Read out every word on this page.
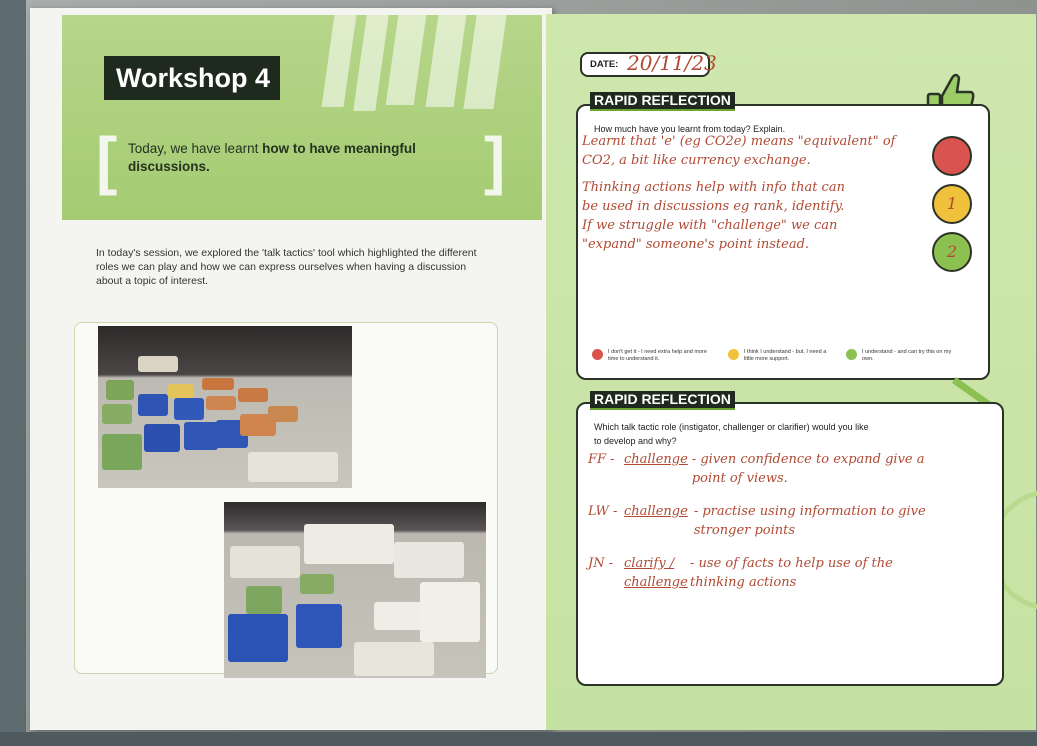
Workshop 4
[	]
Today, we have learnt how to have meaningful discussions.
In today's session, we explored the 'talk tactics' tool which highlighted the different roles we can play and how we can express ourselves when having a discussion about a topic of interest.
DATE: 20/11/23
RAPID REFLECTION
How much have you learnt from today? Explain.
Learnt that 'e' (eg CO2e) means "equivalent" of
CO2, a bit like currency exchange.
Thinking actions help with info that can
be used in discussions eg rank, identify.
If we struggle with "challenge" we can
"expand" someone's point instead.
1
2
I don't get it - I need extra help and more time to understand it.
I think I understand - but, I need a little more support.
I understand - and can try this on my own.
RAPID REFLECTION
Which talk tactic role (instigator, challenger or clarifier) would you like
to develop and why?
FF - challenge - given confidence to expand give a point of views.
LW - challenge - practise using information to give stronger points
JN - clarify / challenge
- use of facts to help use of the thinking actions
